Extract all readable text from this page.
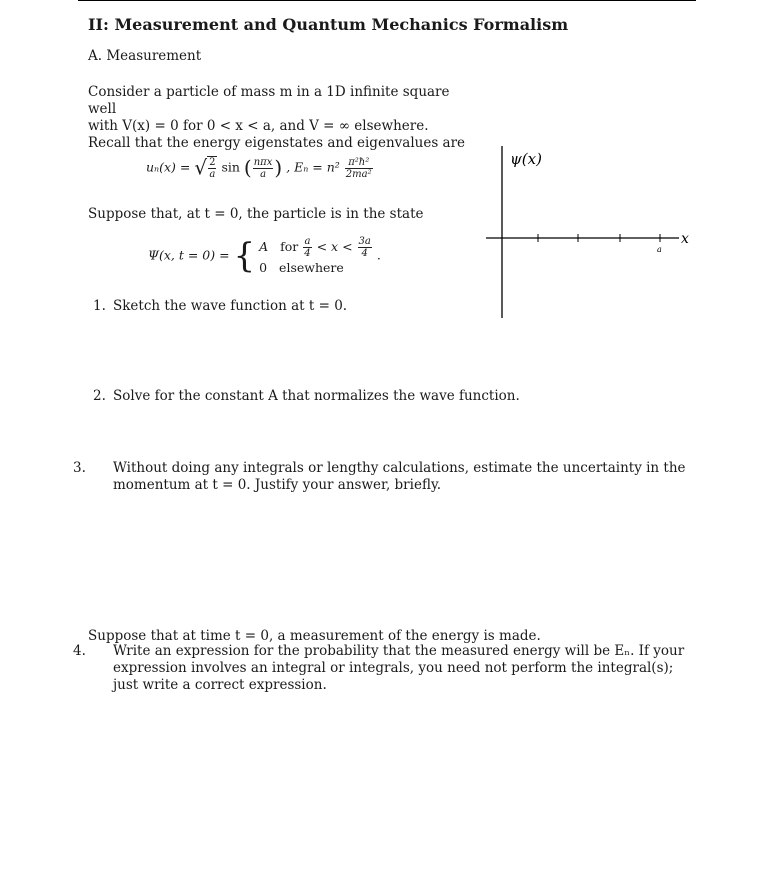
II: Measurement and Quantum Mechanics Formalism
A. Measurement
Consider a particle of mass m in a 1D infinite square well
with V(x) = 0 for 0 < x < a, and V = ∞ elsewhere.
Recall that the energy eigenstates and eigenvalues are
uₙ(x) = √ $\frac{2}{a}$ sin ( $\frac{\text{nπx}}{a}$ ) , $E_n = n^2 \frac{\text{π²ħ²}}{\text{2ma²}}$
Suppose that, at t = 0, the particle is in the state
Ψ(x, t = 0) = { A for $\frac{a}{4} < x < \frac{3a}{4}$
0 elsewhere
.
1. Sketch the wave function at t = 0.
ψ(x)
x
a
2. Solve for the constant A that normalizes the wave function.
3. Without doing any integrals or lengthy calculations, estimate the uncertainty in the momentum at t = 0. Justify your answer, briefly.
Suppose that at time t = 0, a measurement of the energy is made.
4. Write an expression for the probability that the measured energy will be Eₙ. If your expression involves an integral or integrals, you need not perform the integral(s); just write a correct expression.
